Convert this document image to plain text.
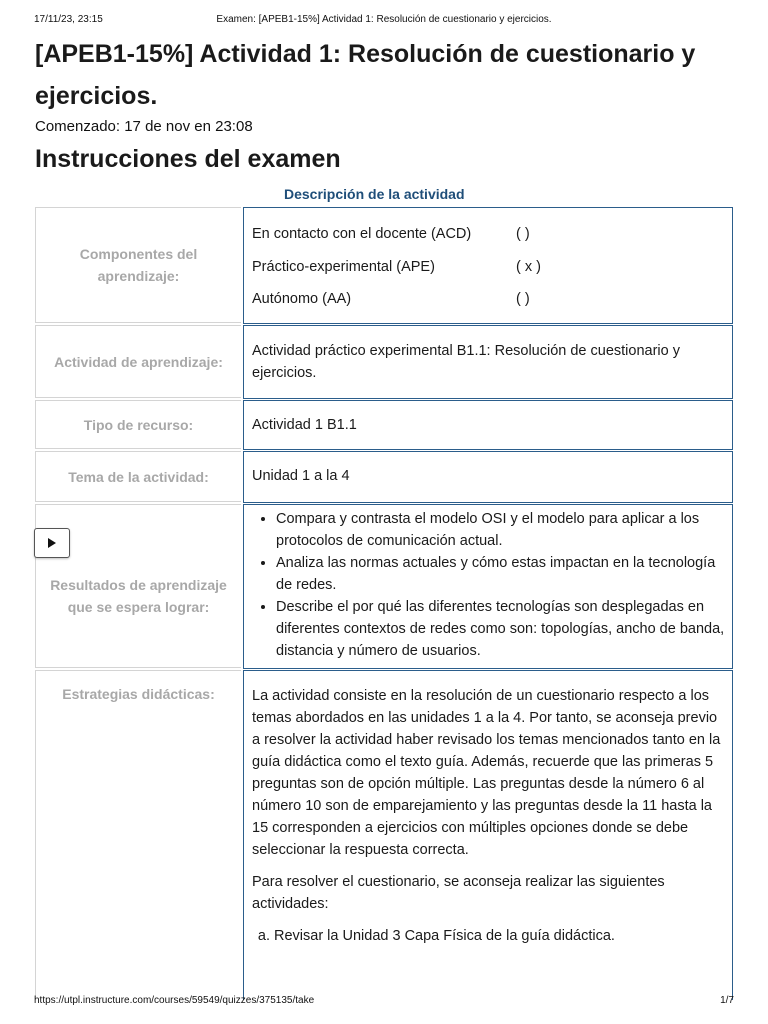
17/11/23, 23:15	Examen: [APEB1-15%] Actividad 1: Resolución de cuestionario y ejercicios.
[APEB1-15%] Actividad 1: Resolución de cuestionario y ejercicios.
Comenzado: 17 de nov en 23:08
Instrucciones del examen
Descripción de la actividad
Componentes del aprendizaje:
En contacto con el docente (ACD)	( )
Práctico-experimental (APE)	( x )
Autónomo (AA)	( )
Actividad de aprendizaje:
Actividad práctico experimental B1.1: Resolución de cuestionario y ejercicios.
Tipo de recurso:	Actividad 1 B1.1
Tema de la actividad:	Unidad 1 a la 4
Resultados de aprendizaje que se espera lograr:
• Compara y contrasta el modelo OSI y el modelo para aplicar a los protocolos de comunicación actual.
• Analiza las normas actuales y cómo estas impactan en la tecnología de redes.
• Describe el por qué las diferentes tecnologías son desplegadas en diferentes contextos de redes como son: topologías, ancho de banda, distancia y número de usuarios.
Estrategias didácticas:	La actividad consiste en la resolución de un cuestionario respecto a los temas abordados en las unidades 1 a la 4. Por tanto, se aconseja previo a resolver la actividad haber revisado los temas mencionados tanto en la guía didáctica como el texto guía. Además, recuerde que las primeras 5 preguntas son de opción múltiple. Las preguntas desde la número 6 al número 10 son de emparejamiento y las preguntas desde la 11 hasta la 15 corresponden a ejercicios con múltiples opciones donde se debe seleccionar la respuesta correcta.

Para resolver el cuestionario, se aconseja realizar las siguientes actividades:

a. Revisar la Unidad 3 Capa Física de la guía didáctica.
https://utpl.instructure.com/courses/59549/quizzes/375135/take	1/7
